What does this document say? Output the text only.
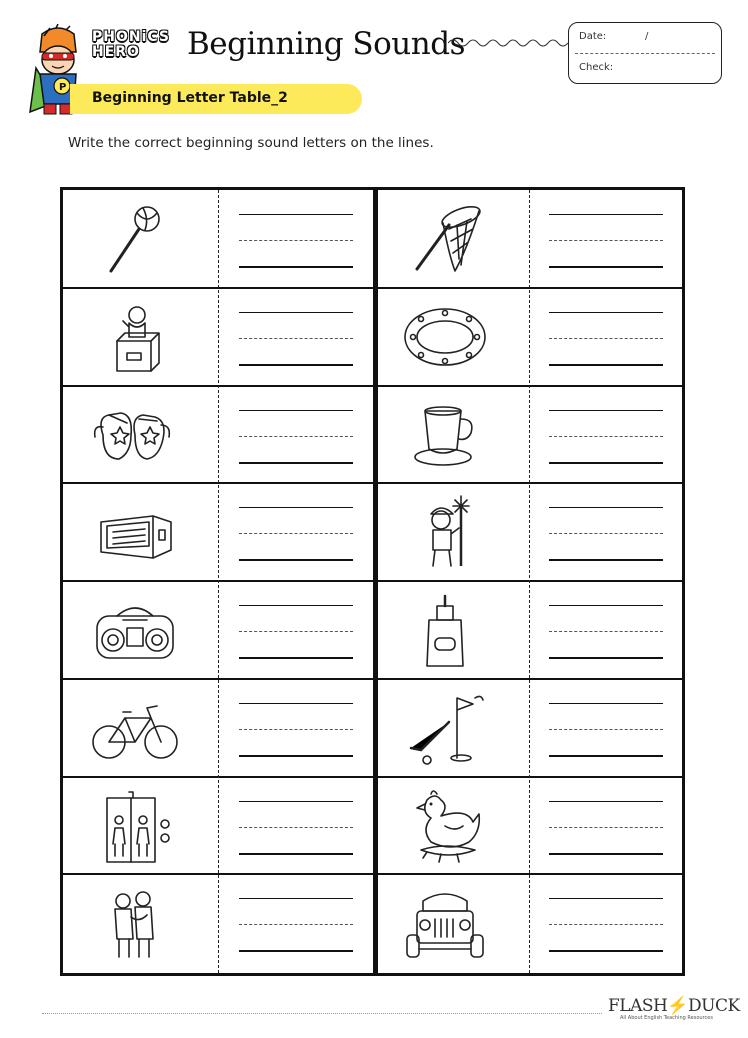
P
PHONiCS
HERO	Beginning Sounds	Date:	/
Check:
Beginning Letter Table_2
Write the correct beginning sound letters on the lines.
FLASH⚡DUCK
All About English Teaching Resources
